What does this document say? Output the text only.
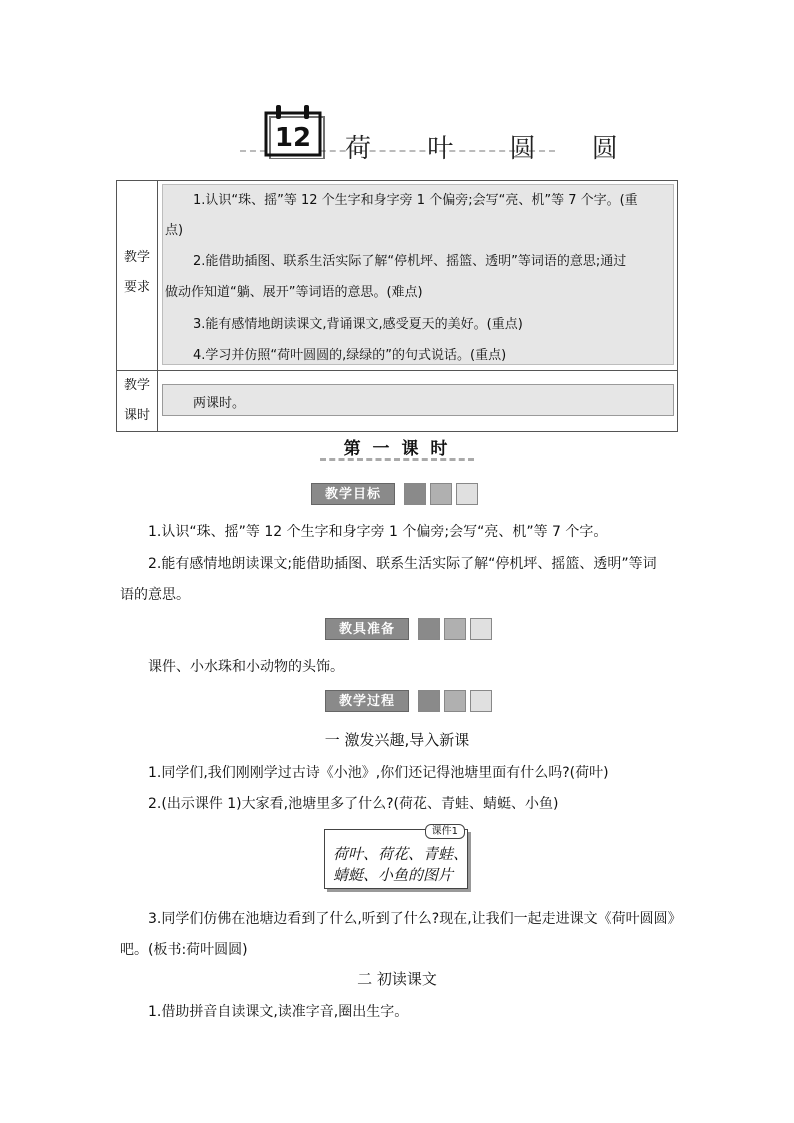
12 荷 叶 圆 圆
教学
要求
1.认识“珠、摇”等 12 个生字和身字旁 1 个偏旁;会写“亮、机”等 7 个字。(重
点)
2.能借助插图、联系生活实际了解“停机坪、摇篮、透明”等词语的意思;通过
做动作知道“躺、展开”等词语的意思。(难点)
3.能有感情地朗读课文,背诵课文,感受夏天的美好。(重点)
4.学习并仿照“荷叶圆圆的,绿绿的”的句式说话。(重点)
教学
课时
两课时。
第 一 课 时
教学目标
1.认识“珠、摇”等 12 个生字和身字旁 1 个偏旁;会写“亮、机”等 7 个字。
2.能有感情地朗读课文;能借助插图、联系生活实际了解“停机坪、摇篮、透明”等词
语的意思。
教具准备
课件、小水珠和小动物的头饰。
教学过程
一 激发兴趣,导入新课
1.同学们,我们刚刚学过古诗《小池》,你们还记得池塘里面有什么吗?(荷叶)
2.(出示课件 1)大家看,池塘里多了什么?(荷花、青蛙、蜻蜓、小鱼)
课件1
荷叶、荷花、青蛙、
蜻蜓、小鱼的图片
3.同学们仿佛在池塘边看到了什么,听到了什么?现在,让我们一起走进课文《荷叶圆圆》
吧。(板书:荷叶圆圆)
二 初读课文
1.借助拼音自读课文,读准字音,圈出生字。
